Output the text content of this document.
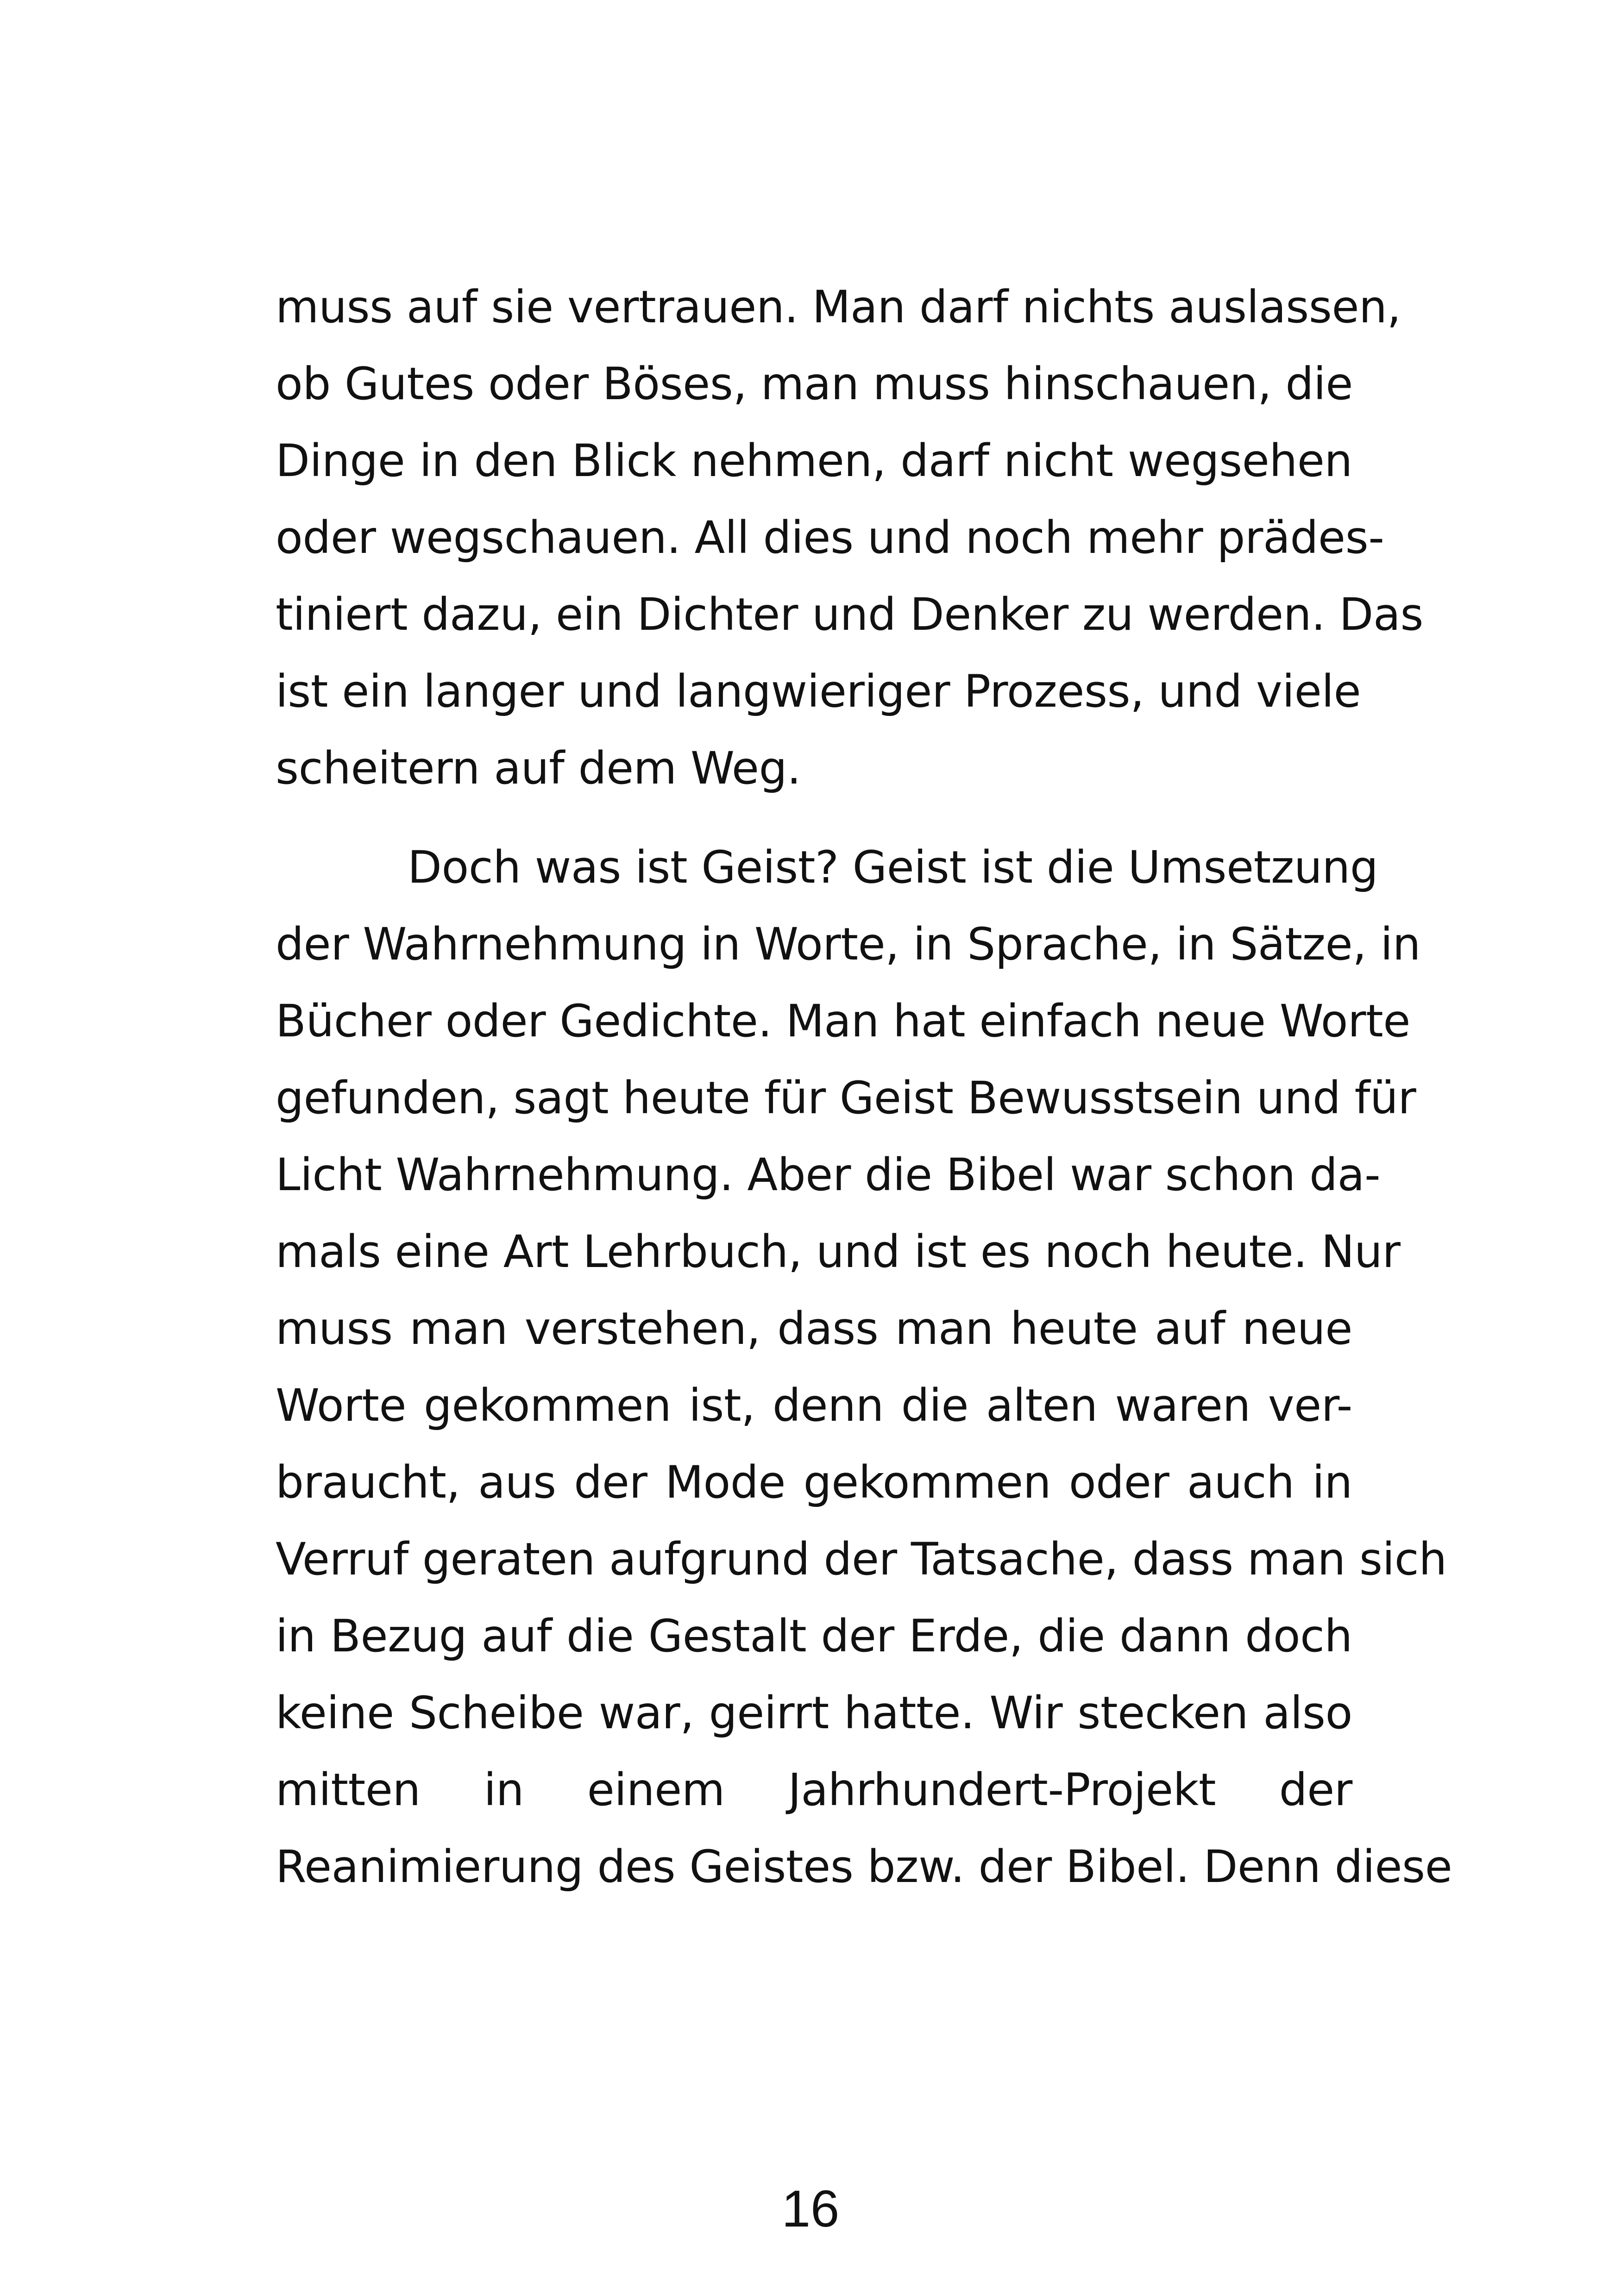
muss auf sie vertrauen. Man darf nichts auslassen,
ob Gutes oder Böses, man muss hinschauen, die
Dinge in den Blick nehmen, darf nicht wegsehen
oder wegschauen. All dies und noch mehr prädes-
tiniert dazu, ein Dichter und Denker zu werden. Das
ist ein langer und langwieriger Prozess, und viele
scheitern auf dem Weg.
Doch was ist Geist? Geist ist die Umsetzung
der Wahrnehmung in Worte, in Sprache, in Sätze, in
Bücher oder Gedichte. Man hat einfach neue Worte
gefunden, sagt heute für Geist Bewusstsein und für
Licht Wahrnehmung. Aber die Bibel war schon da-
mals eine Art Lehrbuch, und ist es noch heute. Nur
muss man verstehen, dass man heute auf neue
Worte gekommen ist, denn die alten waren ver-
braucht, aus der Mode gekommen oder auch in
Verruf geraten aufgrund der Tatsache, dass man sich
in Bezug auf die Gestalt der Erde, die dann doch
keine Scheibe war, geirrt hatte. Wir stecken also
mitten in einem Jahrhundert-Projekt der
Reanimierung des Geistes bzw. der Bibel. Denn diese
16
